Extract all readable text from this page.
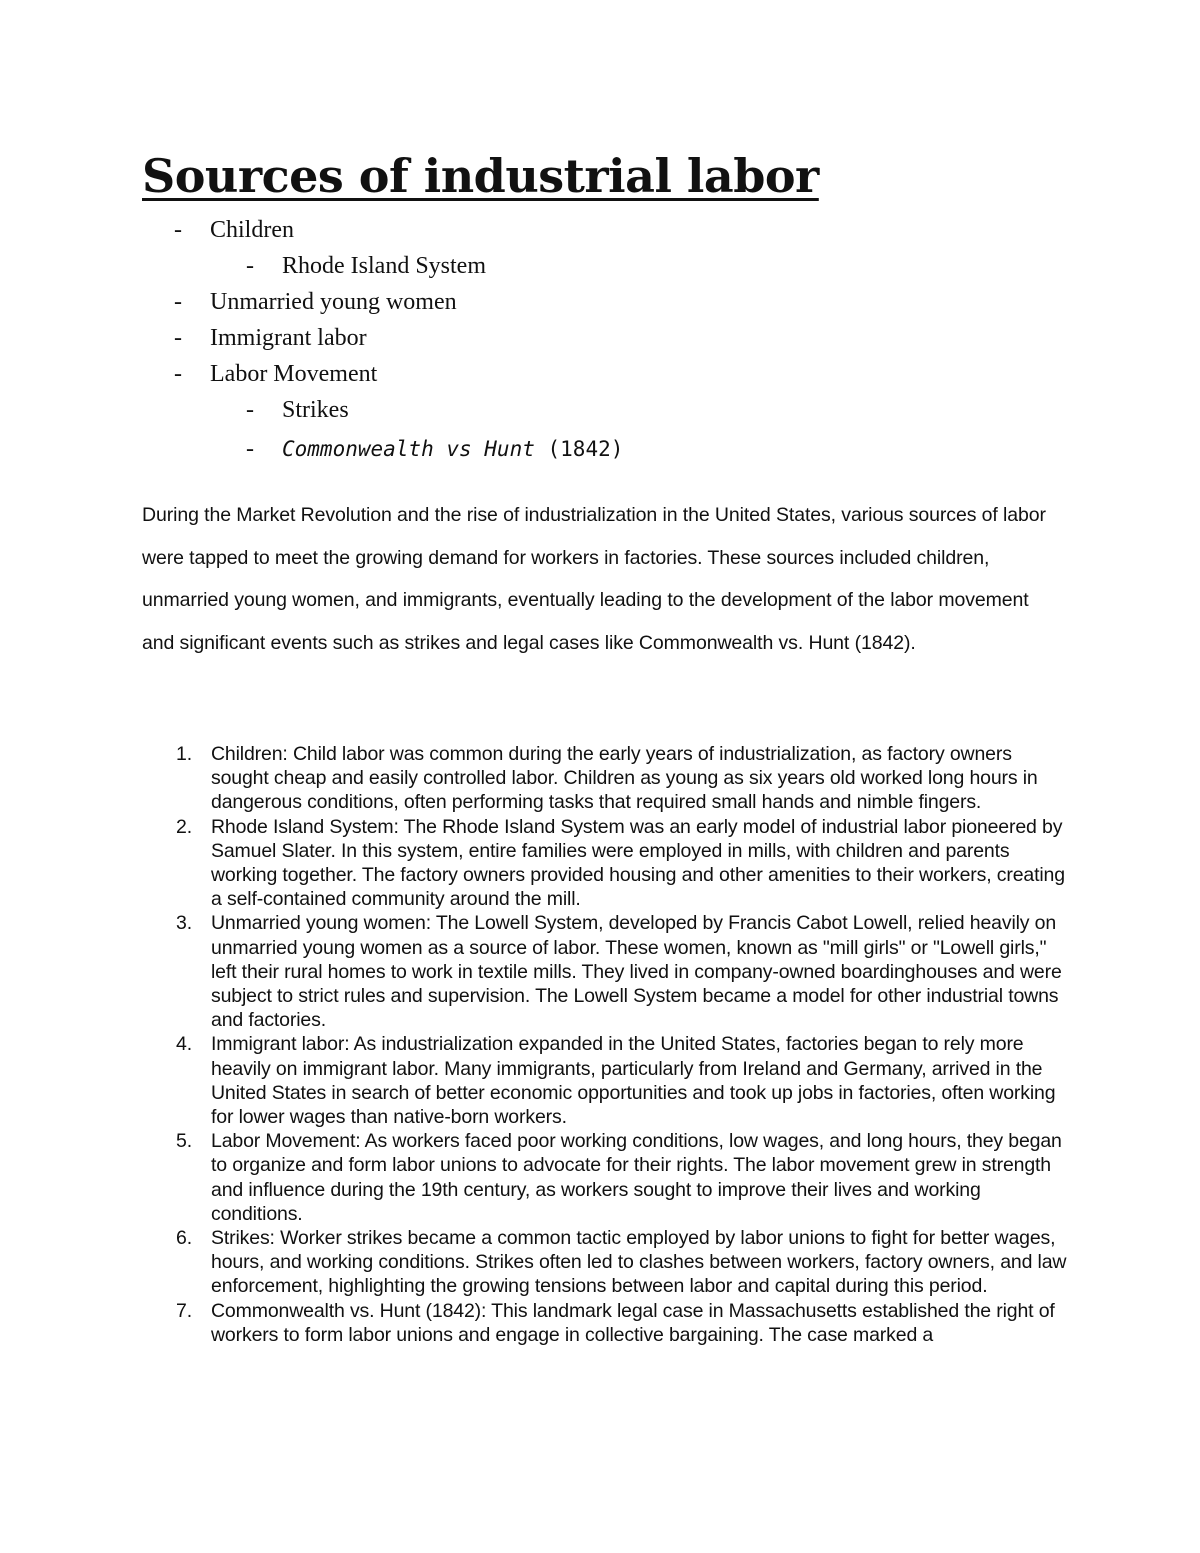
Sources of industrial labor
- Children
- Rhode Island System
- Unmarried young women
- Immigrant labor
- Labor Movement
- Strikes
- Commonwealth vs Hunt (1842)

During the Market Revolution and the rise of industrialization in the United States, various sources of labor were tapped to meet the growing demand for workers in factories. These sources included children, unmarried young women, and immigrants, eventually leading to the development of the labor movement and significant events such as strikes and legal cases like Commonwealth vs. Hunt (1842).

1. Children: Child labor was common during the early years of industrialization, as factory owners sought cheap and easily controlled labor. Children as young as six years old worked long hours in dangerous conditions, often performing tasks that required small hands and nimble fingers.
2. Rhode Island System: The Rhode Island System was an early model of industrial labor pioneered by Samuel Slater. In this system, entire families were employed in mills, with children and parents working together. The factory owners provided housing and other amenities to their workers, creating a self-contained community around the mill.
3. Unmarried young women: The Lowell System, developed by Francis Cabot Lowell, relied heavily on unmarried young women as a source of labor. These women, known as "mill girls" or "Lowell girls," left their rural homes to work in textile mills. They lived in company-owned boardinghouses and were subject to strict rules and supervision. The Lowell System became a model for other industrial towns and factories.
4. Immigrant labor: As industrialization expanded in the United States, factories began to rely more heavily on immigrant labor. Many immigrants, particularly from Ireland and Germany, arrived in the United States in search of better economic opportunities and took up jobs in factories, often working for lower wages than native-born workers.
5. Labor Movement: As workers faced poor working conditions, low wages, and long hours, they began to organize and form labor unions to advocate for their rights. The labor movement grew in strength and influence during the 19th century, as workers sought to improve their lives and working conditions.
6. Strikes: Worker strikes became a common tactic employed by labor unions to fight for better wages, hours, and working conditions. Strikes often led to clashes between workers, factory owners, and law enforcement, highlighting the growing tensions between labor and capital during this period.
7. Commonwealth vs. Hunt (1842): This landmark legal case in Massachusetts established the right of workers to form labor unions and engage in collective bargaining. The case marked a
